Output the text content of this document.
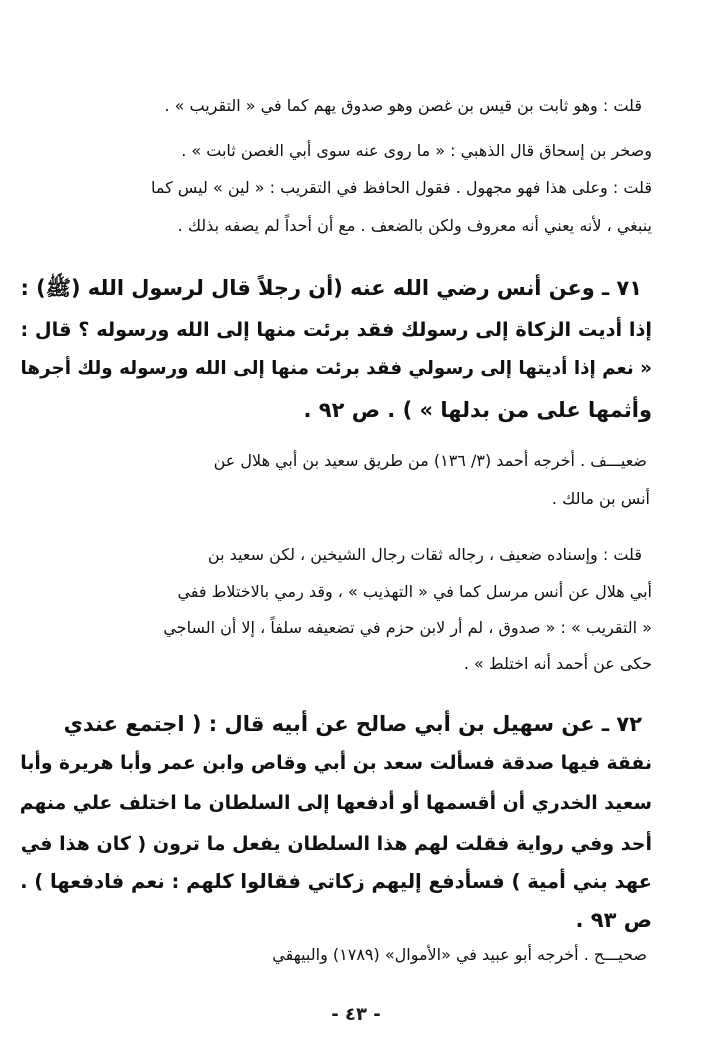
قلت : وهو ثابت بن قيس بن غصن وهو صدوق يهم كما في « التقريب » .
وصخر بن إسحاق قال الذهبي : « ما روى عنه سوى أبي الغصن ثابت » .
قلت : وعلى هذا فهو مجهول . فقول الحافظ في التقريب : « لين » ليس كما
ينبغي ، لأنه يعني أنه معروف ولكن بالضعف . مع أن أحداً لم يصفه بذلك .
٧١ ـ وعن أنس رضي الله عنه (أن رجلاً قال لرسول الله (ﷺ) :
إذا أديت الزكاة إلى رسولك فقد برئت منها إلى الله ورسوله ؟ قال :
« نعم إذا أديتها إلى رسولي فقد برئت منها إلى الله ورسوله ولك أجرها
وأثمها على من بدلها » ) . ص ٩٢ .
ضعيـــف . أخرجه أحمد (٣/ ١٣٦) من طريق سعيد بن أبي هلال عن
أنس بن مالك .
قلت : وإسناده ضعيف ، رجاله ثقات رجال الشيخين ، لكن سعيد بن
أبي هلال عن أنس مرسل كما في « التهذيب » ، وقد رمي بالاختلاط ففي
« التقريب » : « صدوق ، لم أر لابن حزم في تضعيفه سلفاً ، إلا أن الساجي
حكى عن أحمد أنه اختلط » .
٧٢ ـ عن سهيل بن أبي صالح عن أبيه قال : ( اجتمع عندي
نفقة فيها صدقة فسألت سعد بن أبي وقاص وابن عمر وأبا هريرة وأبا
سعيد الخدري أن أقسمها أو أدفعها إلى السلطان ما اختلف علي منهم
أحد وفي رواية فقلت لهم هذا السلطان يفعل ما ترون ( كان هذا في
عهد بني أمية ) فسأدفع إليهم زكاتي فقالوا كلهم : نعم فادفعها ) .
ص ٩٣ .
صحيـــح . أخرجه أبو عبيد في «الأموال» (١٧٨٩) والبيهقي
- ٤٣ -
